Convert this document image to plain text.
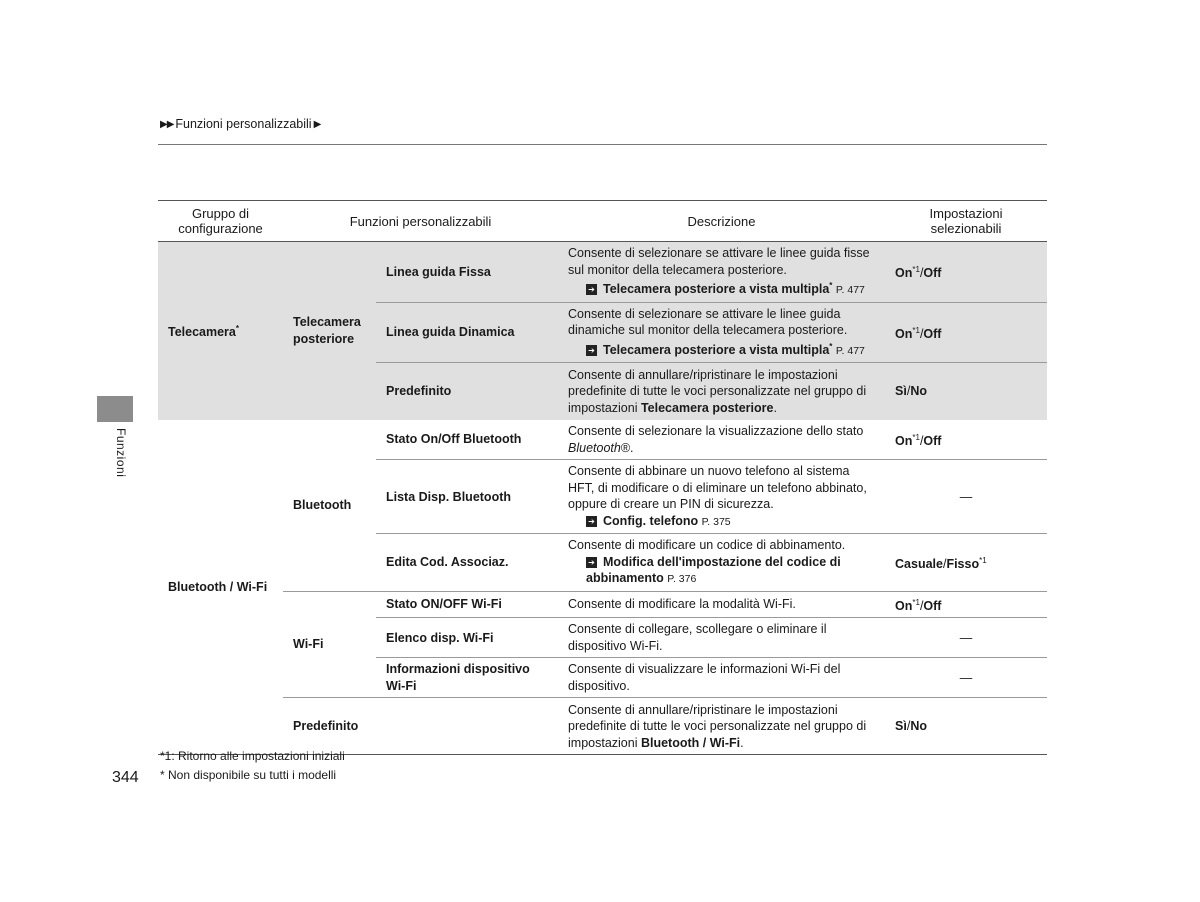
▶▶ Funzioni personalizzabili ▶
Funzioni
Gruppo di
configurazione	Funzioni personalizzabili		Descrizione	Impostazioni
selezionabili
Telecamera*	Telecamera posteriore	Linea guida Fissa	Consente di selezionare se attivare le linee guida fisse sul monitor della telecamera posteriore.
➔ Telecamera posteriore a vista multipla* P. 477	On$^{*1}$/Off
		Linea guida Dinamica	Consente di selezionare se attivare le linee guida dinamiche sul monitor della telecamera posteriore.
➔ Telecamera posteriore a vista multipla* P. 477	On$^{*1}$/Off
		Predefinito	Consente di annullare/ripristinare le impostazioni predefinite di tutte le voci personalizzate nel gruppo di impostazioni Telecamera posteriore.	Sì/No
Bluetooth / Wi-Fi	Bluetooth	Stato On/Off Bluetooth	Consente di selezionare la visualizzazione dello stato Bluetooth®.	On$^{*1}$/Off
		Lista Disp. Bluetooth	Consente di abbinare un nuovo telefono al sistema HFT, di modificare o di eliminare un telefono abbinato, oppure di creare un PIN di sicurezza.
➔ Config. telefono P. 375	—
		Edita Cod. Associaz.	Consente di modificare un codice di abbinamento.
➔ Modifica dell'impostazione del codice di abbinamento P. 376	Casuale/Fisso$^{*1}$
	Wi-Fi	Stato ON/OFF Wi-Fi	Consente di modificare la modalità Wi-Fi.	On$^{*1}$/Off
		Elenco disp. Wi-Fi	Consente di collegare, scollegare o eliminare il dispositivo Wi-Fi.	—
		Informazioni dispositivo Wi-Fi	Consente di visualizzare le informazioni Wi-Fi del dispositivo.	—
	Predefinito		Consente di annullare/ripristinare le impostazioni predefinite di tutte le voci personalizzate nel gruppo di impostazioni Bluetooth / Wi-Fi.	Sì/No
*1: Ritorno alle impostazioni iniziali
* Non disponibile su tutti i modelli
344
